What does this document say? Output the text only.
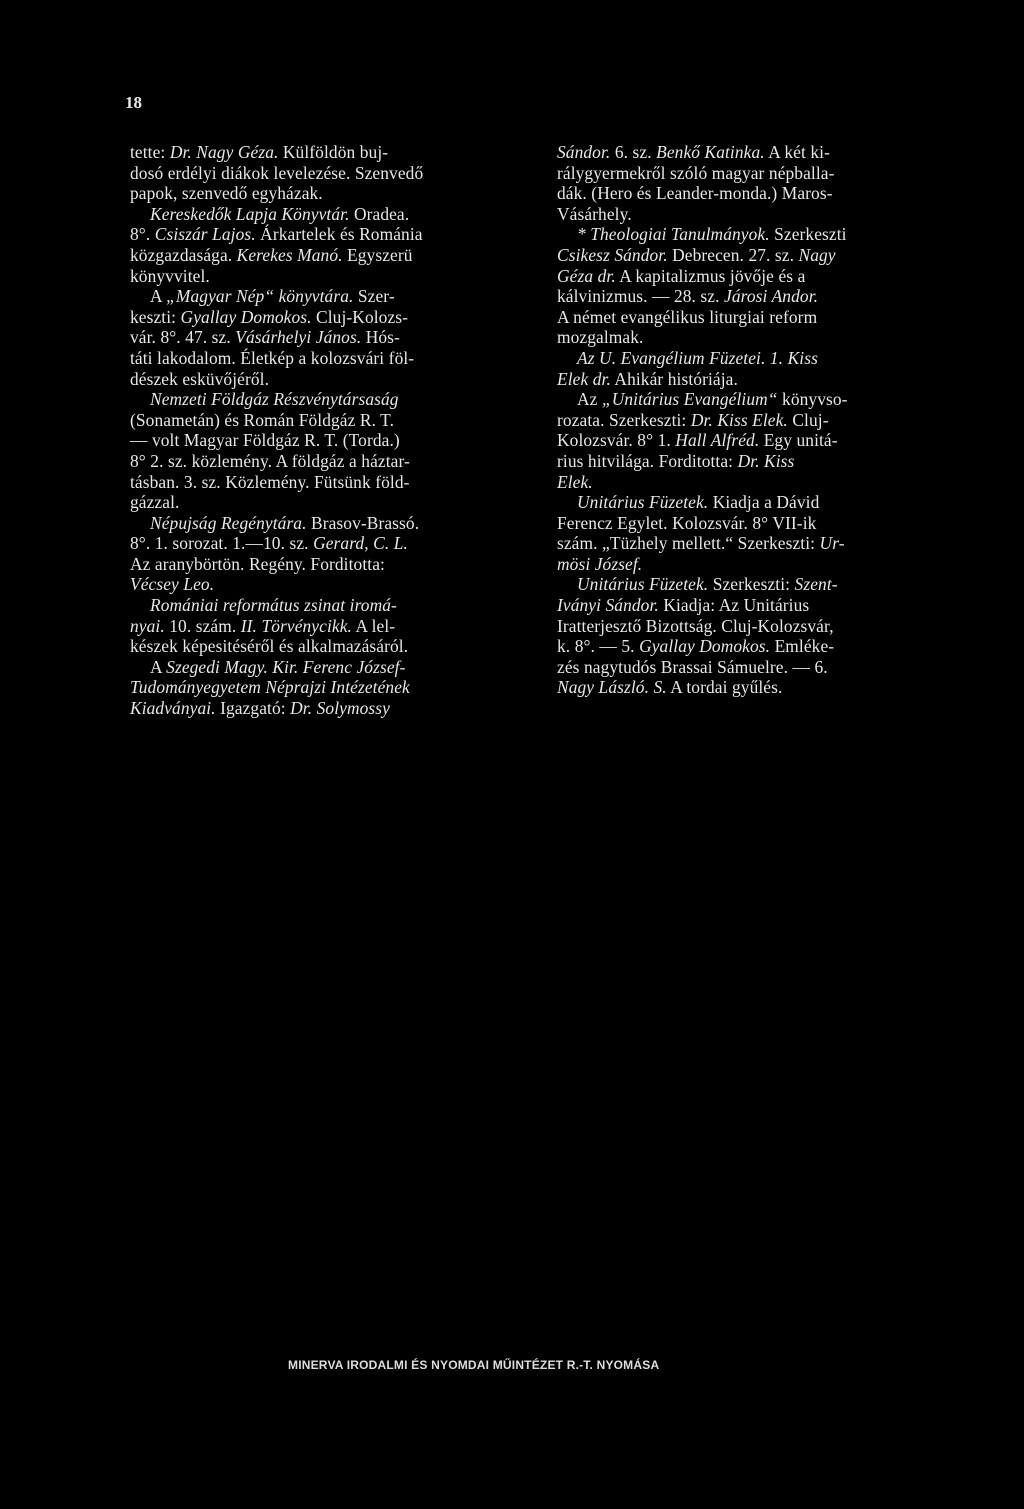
18
tette: Dr. Nagy Géza. Külföldön buj-
dosó erdélyi diákok levelezése. Szenvedő
papok, szenvedő egyházak.
Kereskedők Lapja Könyvtár. Oradea.
8°. Csiszár Lajos. Árkartelek és Románia
közgazdasága. Kerekes Manó. Egyszerü
könyvvitel.
A „Magyar Nép“ könyvtára. Szer-
keszti: Gyallay Domokos. Cluj-Kolozs-
vár. 8°. 47. sz. Vásárhelyi János. Hós-
táti lakodalom. Életkép a kolozsvári föl-
dészek esküvőjéről.
Nemzeti Földgáz Részvénytársaság
(Sonametán) és Román Földgáz R. T.
— volt Magyar Földgáz R. T. (Torda.)
8° 2. sz. közlemény. A földgáz a háztar-
tásban. 3. sz. Közlemény. Fütsünk föld-
gázzal.
Népujság Regénytára. Brasov-Brassó.
8°. 1. sorozat. 1.—10. sz. Gerard, C. L.
Az aranybörtön. Regény. Forditotta:
Vécsey Leo.
Romániai református zsinat iromá-
nyai. 10. szám. II. Törvénycikk. A lel-
készek képesitéséről és alkalmazásáról.
A Szegedi Magy. Kir. Ferenc József-
Tudományegyetem Néprajzi Intézetének
Kiadványai. Igazgató: Dr. Solymossy
Sándor. 6. sz. Benkő Katinka. A két ki-
rálygyermekről szóló magyar népballa-
dák. (Hero és Leander-monda.) Maros-
Vásárhely.
* Theologiai Tanulmányok. Szerkeszti
Csikesz Sándor. Debrecen. 27. sz. Nagy
Géza dr. A kapitalizmus jövője és a
kálvinizmus. — 28. sz. Járosi Andor.
A német evangélikus liturgiai reform
mozgalmak.
Az U. Evangélium Füzetei. 1. Kiss
Elek dr. Ahikár históriája.
Az „Unitárius Evangélium“ könyvso-
rozata. Szerkeszti: Dr. Kiss Elek. Cluj-
Kolozsvár. 8° 1. Hall Alfréd. Egy unitá-
rius hitvilága. Forditotta: Dr. Kiss
Elek.
Unitárius Füzetek. Kiadja a Dávid
Ferencz Egylet. Kolozsvár. 8° VII-ik
szám. „Tüzhely mellett.“ Szerkeszti: Ur-
mösi József.
Unitárius Füzetek. Szerkeszti: Szent-
Iványi Sándor. Kiadja: Az Unitárius
Iratterjesztő Bizottság. Cluj-Kolozsvár,
k. 8°. — 5. Gyallay Domokos. Emléke-
zés nagytudós Brassai Sámuelre. — 6.
Nagy László. S. A tordai gyűlés.
MINERVA IRODALMI ÉS NYOMDAI MŰINTÉZET R.-T. NYOMÁSA
